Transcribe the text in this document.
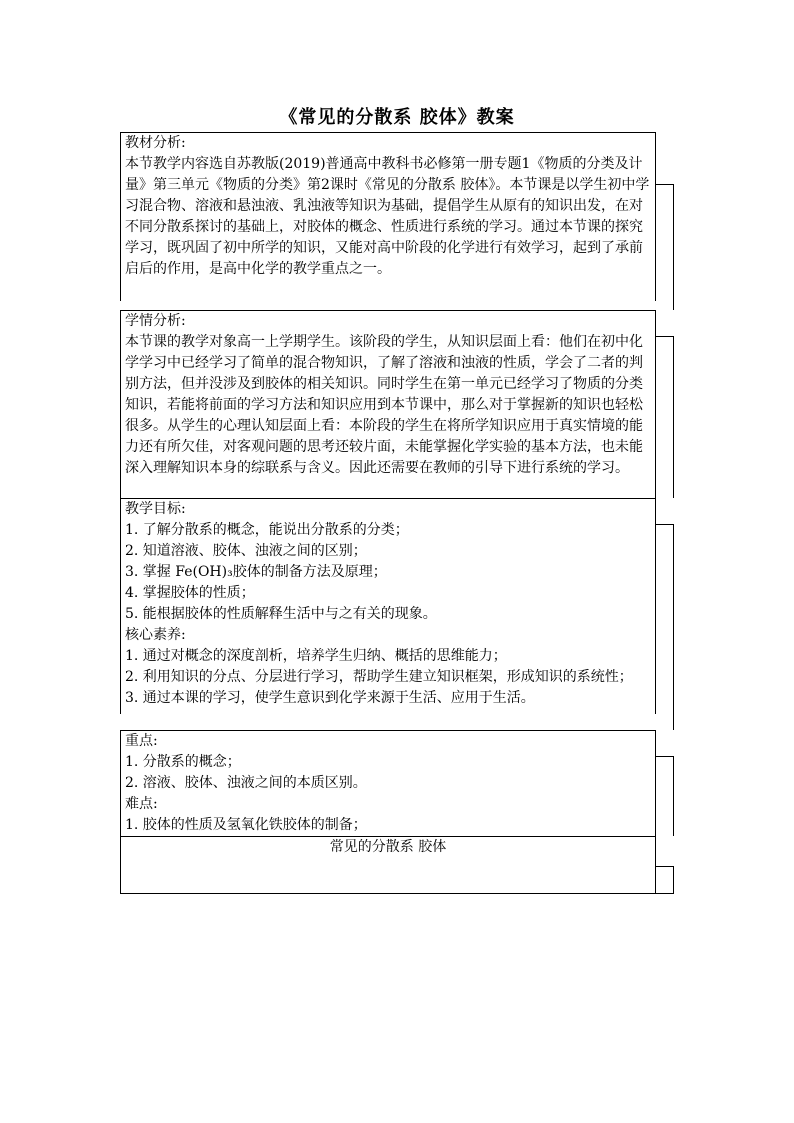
《常见的分散系 胶体》教案

教材分析:

本节教学内容选自苏教版(2019)普通高中教科书必修第一册专题1《物质的分类及计量》第三单元《物质的分类》第2课时《常见的分散系 胶体》。本节课是以学生初中学习混合物、溶液和悬浊液、乳浊液等知识为基础，提倡学生从原有的知识出发，在对不同分散系探讨的基础上，对胶体的概念、性质进行系统的学习。通过本节课的探究学习，既巩固了初中所学的知识，又能对高中阶段的化学进行有效学习，起到了承前启后的作用，是高中化学的教学重点之一。

学情分析:

本节课的教学对象高一上学期学生。该阶段的学生，从知识层面上看：他们在初中化学学习中已经学习了简单的混合物知识，了解了溶液和浊液的性质，学会了二者的判别方法，但并没涉及到胶体的相关知识。同时学生在第一单元已经学习了物质的分类知识，若能将前面的学习方法和知识应用到本节课中，那么对于掌握新的知识也轻松很多。从学生的心理认知层面上看：本阶段的学生在将所学知识应用于真实情境的能力还有所欠佳，对客观问题的思考还较片面，未能掌握化学实验的基本方法，也未能深入理解知识本身的综联系与含义。因此还需要在教师的引导下进行系统的学习。

教学目标:

1. 了解分散系的概念，能说出分散系的分类；

2. 知道溶液、胶体、浊液之间的区别；

3. 掌握 Fe(OH)₃胶体的制备方法及原理；

4. 掌握胶体的性质；

5. 能根据胶体的性质解释生活中与之有关的现象。

核心素养:

1. 通过对概念的深度剖析，培养学生归纳、概括的思维能力；

2. 利用知识的分点、分层进行学习，帮助学生建立知识框架，形成知识的系统性；

3. 通过本课的学习，使学生意识到化学来源于生活、应用于生活。

重点:

1. 分散系的概念；

2. 溶液、胶体、浊液之间的本质区别。

难点:

1. 胶体的性质及氢氧化铁胶体的制备；

常见的分散系 胶体
